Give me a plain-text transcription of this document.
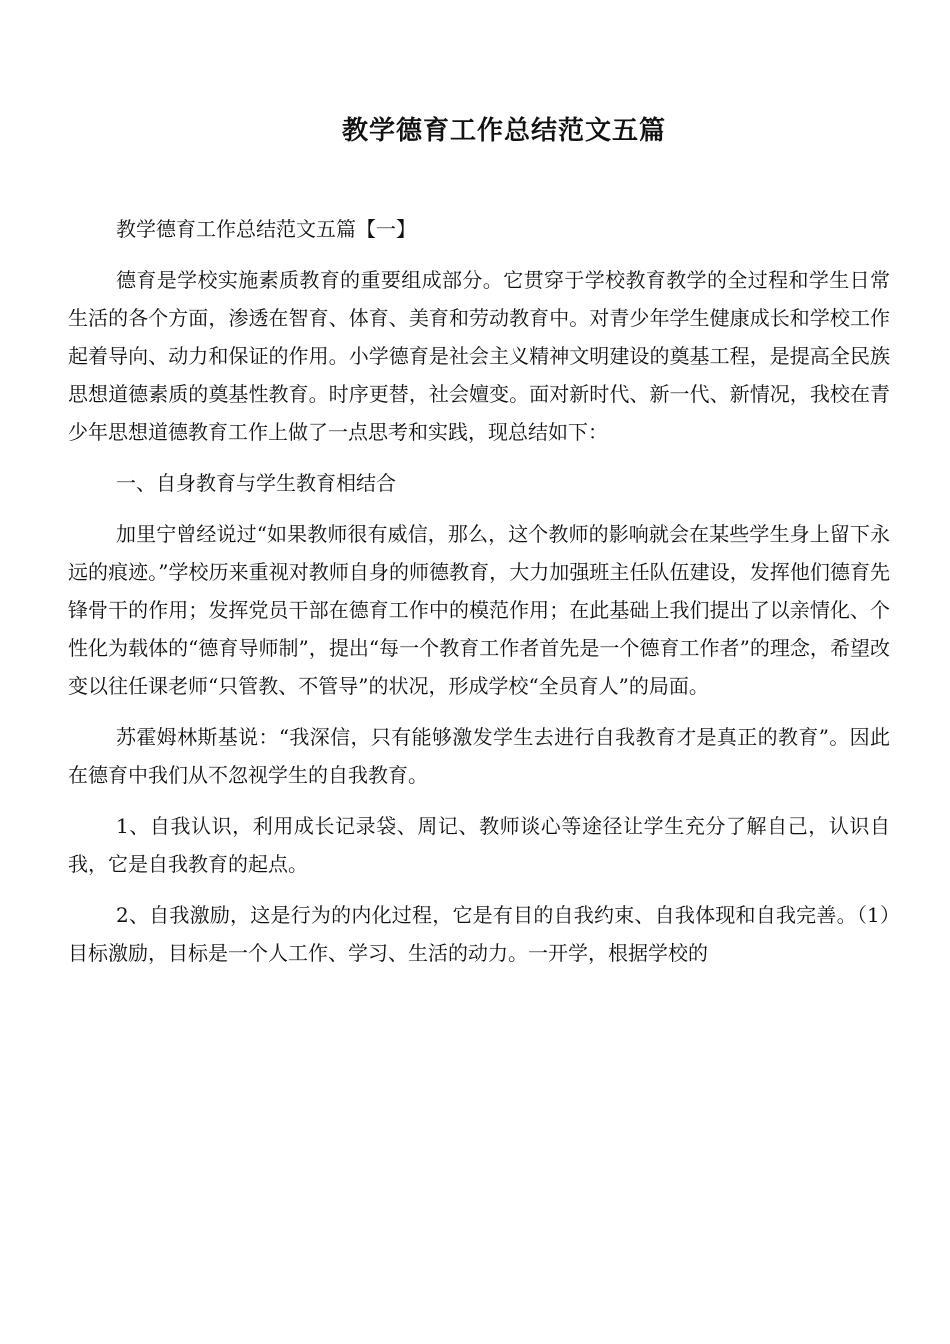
教学德育工作总结范文五篇

教学德育工作总结范文五篇【一】

德育是学校实施素质教育的重要组成部分。它贯穿于学校教育教学的全过程和学生日常生活的各个方面，渗透在智育、体育、美育和劳动教育中。对青少年学生健康成长和学校工作起着导向、动力和保证的作用。小学德育是社会主义精神文明建设的奠基工程，是提高全民族思想道德素质的奠基性教育。时序更替，社会嬗变。面对新时代、新一代、新情况，我校在青少年思想道德教育工作上做了一点思考和实践，现总结如下：

一、自身教育与学生教育相结合

加里宁曾经说过“如果教师很有威信，那么，这个教师的影响就会在某些学生身上留下永远的痕迹。”学校历来重视对教师自身的师德教育，大力加强班主任队伍建设，发挥他们德育先锋骨干的作用；发挥党员干部在德育工作中的模范作用；在此基础上我们提出了以亲情化、个性化为载体的“德育导师制”，提出“每一个教育工作者首先是一个德育工作者”的理念，希望改变以往任课老师“只管教、不管导”的状况，形成学校“全员育人”的局面。

苏霍姆林斯基说：“我深信，只有能够激发学生去进行自我教育才是真正的教育”。因此在德育中我们从不忽视学生的自我教育。

1、自我认识，利用成长记录袋、周记、教师谈心等途径让学生充分了解自己，认识自我，它是自我教育的起点。

2、自我激励，这是行为的内化过程，它是有目的自我约束、自我体现和自我完善。（1）目标激励，目标是一个人工作、学习、生活的动力。一开学，根据学校的
